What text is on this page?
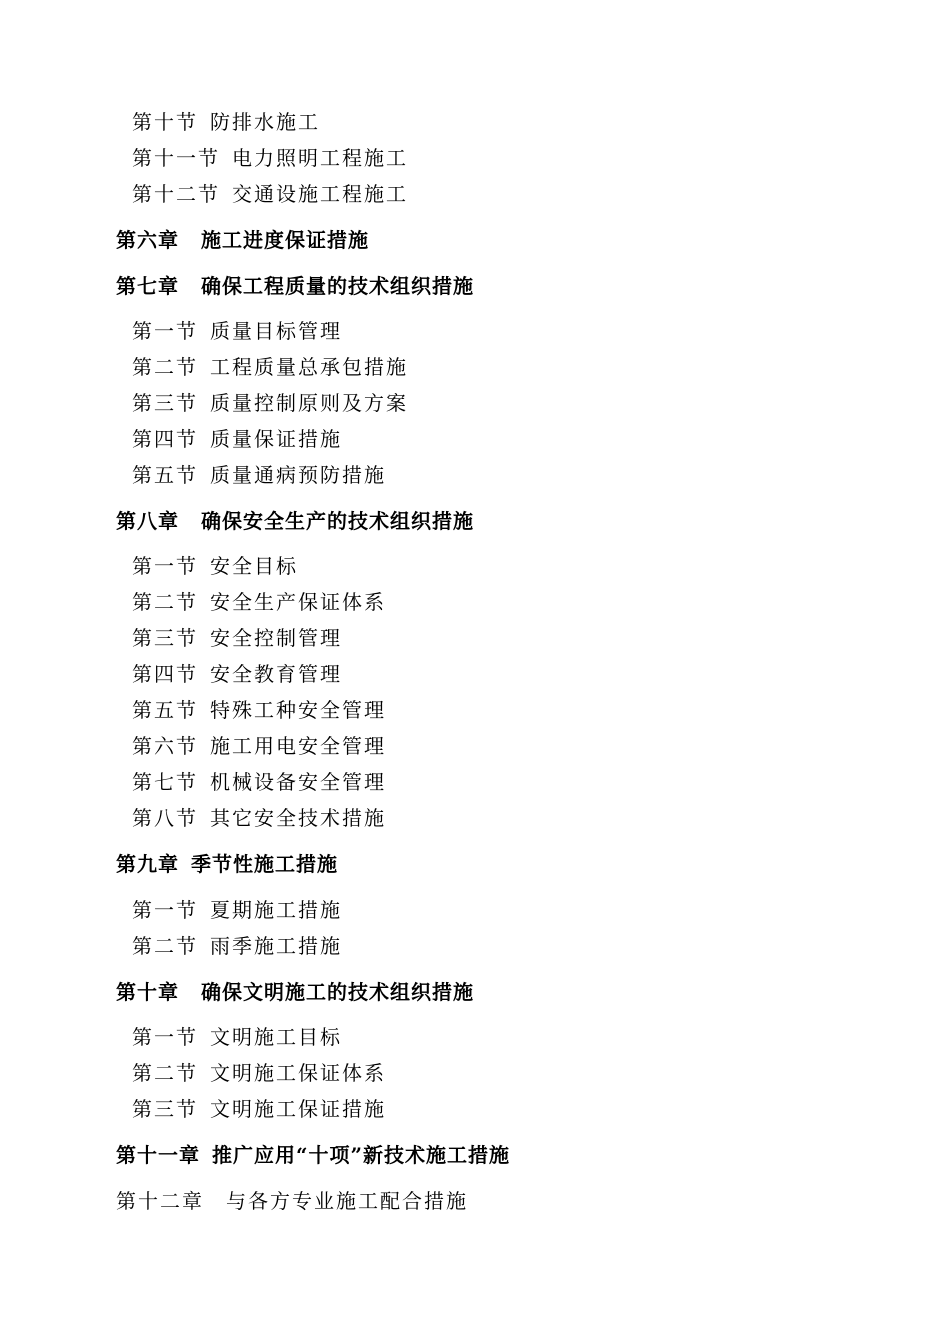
第十节 防排水施工
第十一节 电力照明工程施工
第十二节 交通设施工程施工
第六章 施工进度保证措施
第七章 确保工程质量的技术组织措施
第一节 质量目标管理
第二节 工程质量总承包措施
第三节 质量控制原则及方案
第四节 质量保证措施
第五节 质量通病预防措施
第八章 确保安全生产的技术组织措施
第一节 安全目标
第二节 安全生产保证体系
第三节 安全控制管理
第四节 安全教育管理
第五节 特殊工种安全管理
第六节 施工用电安全管理
第七节 机械设备安全管理
第八节 其它安全技术措施
第九章 季节性施工措施
第一节 夏期施工措施
第二节 雨季施工措施
第十章 确保文明施工的技术组织措施
第一节 文明施工目标
第二节 文明施工保证体系
第三节 文明施工保证措施
第十一章 推广应用“十项”新技术施工措施
第十二章 与各方专业施工配合措施
